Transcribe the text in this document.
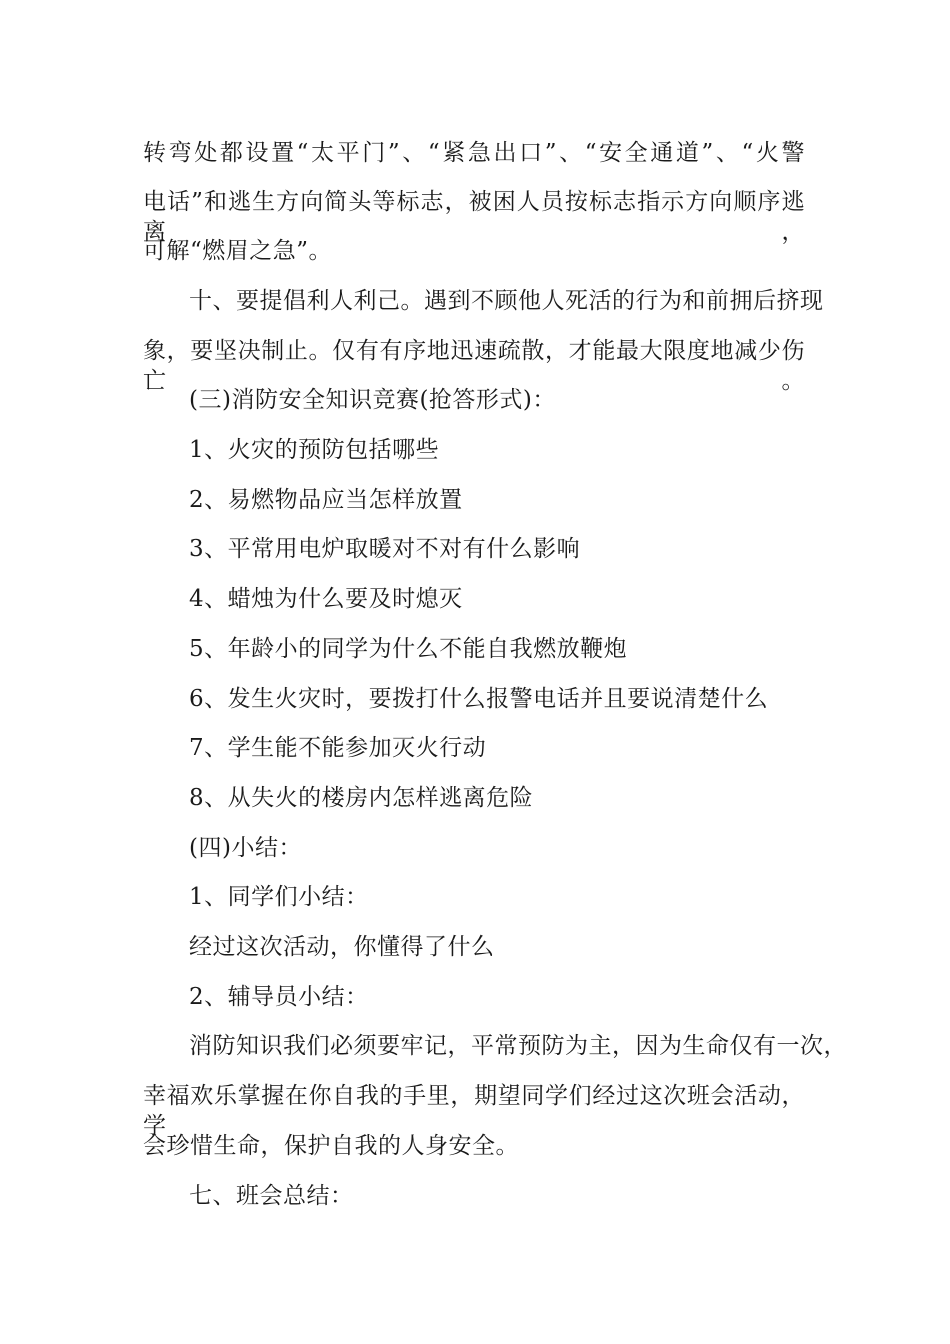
转弯处都设置“太平门”、“紧急出口”、“安全通道”、“火警
电话”和逃生方向简头等标志，被困人员按标志指示方向顺序逃离，
可解“燃眉之急”。
十、要提倡利人利己。遇到不顾他人死活的行为和前拥后挤现
象，要坚决制止。仅有有序地迅速疏散，才能最大限度地减少伤亡。
(三)消防安全知识竞赛(抢答形式)：
1、火灾的预防包括哪些
2、易燃物品应当怎样放置
3、平常用电炉取暖对不对有什么影响
4、蜡烛为什么要及时熄灭
5、年龄小的同学为什么不能自我燃放鞭炮
6、发生火灾时，要拨打什么报警电话并且要说清楚什么
7、学生能不能参加灭火行动
8、从失火的楼房内怎样逃离危险
(四)小结：
1、同学们小结：
经过这次活动，你懂得了什么
2、辅导员小结：
消防知识我们必须要牢记，平常预防为主，因为生命仅有一次，
幸福欢乐掌握在你自我的手里，期望同学们经过这次班会活动，学
会珍惜生命，保护自我的人身安全。
七、班会总结：
